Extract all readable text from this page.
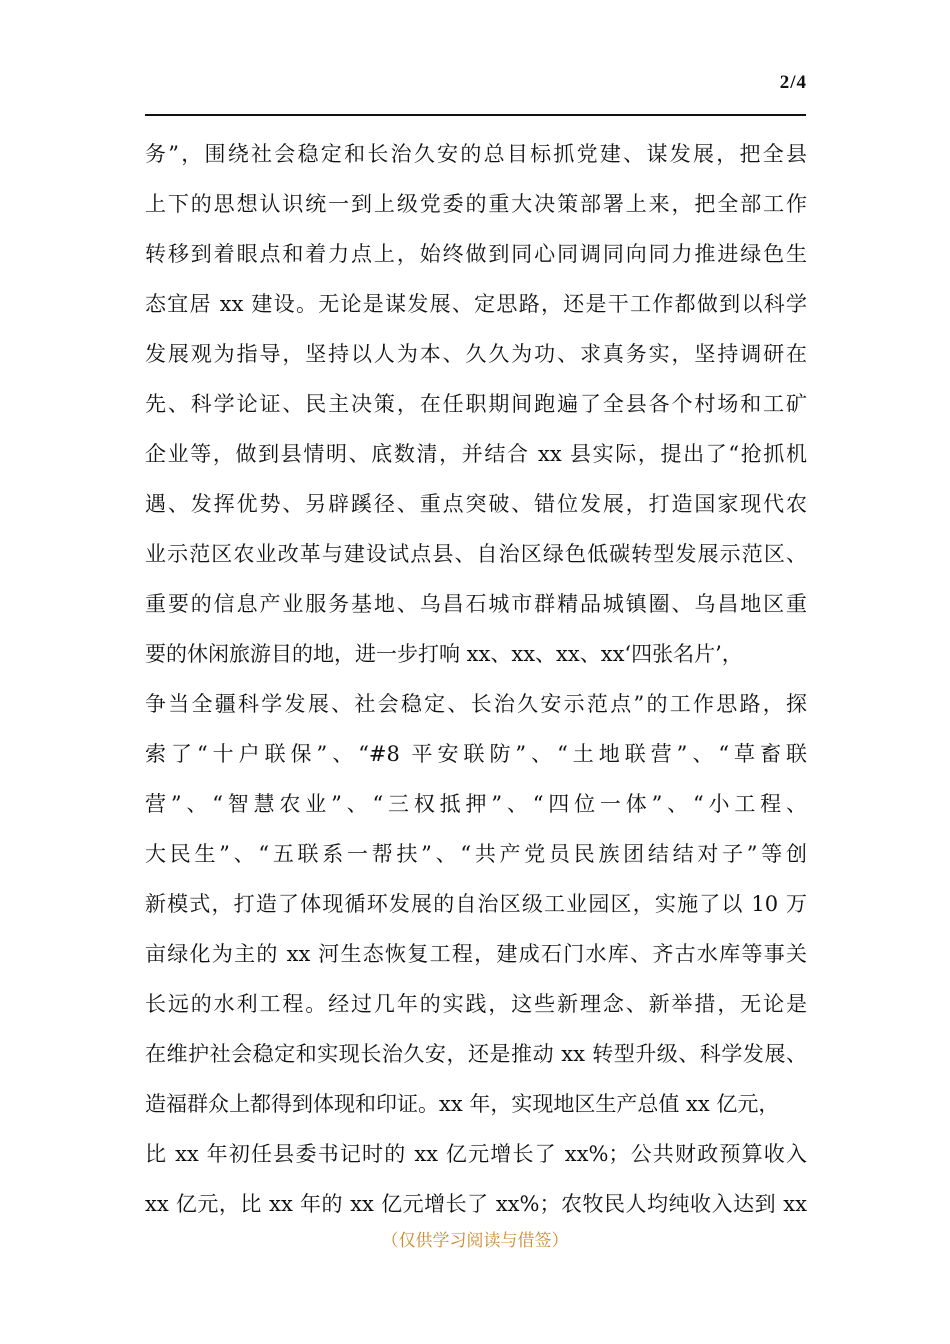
2/4
务”，围绕社会稳定和长治久安的总目标抓党建、谋发展，把全县
上下的思想认识统一到上级党委的重大决策部署上来，把全部工作
转移到着眼点和着力点上，始终做到同心同调同向同力推进绿色生
态宜居 xx 建设。无论是谋发展、定思路，还是干工作都做到以科学
发展观为指导，坚持以人为本、久久为功、求真务实，坚持调研在
先、科学论证、民主决策，在任职期间跑遍了全县各个村场和工矿
企业等，做到县情明、底数清，并结合 xx 县实际，提出了“抢抓机
遇、发挥优势、另辟蹊径、重点突破、错位发展，打造国家现代农
业示范区农业改革与建设试点县、自治区绿色低碳转型发展示范区、
重要的信息产业服务基地、乌昌石城市群精品城镇圈、乌昌地区重
要的休闲旅游目的地，进一步打响 xx、xx、xx、xx‘四张名片’，
争当全疆科学发展、社会稳定、长治久安示范点”的工作思路，探
索了“十户联保”、“#8 平安联防”、“土地联营”、“草畜联
营”、“智慧农业”、“三权抵押”、“四位一体”、“小工程、
大民生”、“五联系一帮扶”、“共产党员民族团结结对子”等创
新模式，打造了体现循环发展的自治区级工业园区，实施了以 10 万
亩绿化为主的 xx 河生态恢复工程，建成石门水库、齐古水库等事关
长远的水利工程。经过几年的实践，这些新理念、新举措，无论是
在维护社会稳定和实现长治久安，还是推动 xx 转型升级、科学发展、
造福群众上都得到体现和印证。xx 年，实现地区生产总值 xx 亿元，
比 xx 年初任县委书记时的 xx 亿元增长了 xx%；公共财政预算收入
xx 亿元，比 xx 年的 xx 亿元增长了 xx%；农牧民人均纯收入达到 xx
（仅供学习阅读与借签）
